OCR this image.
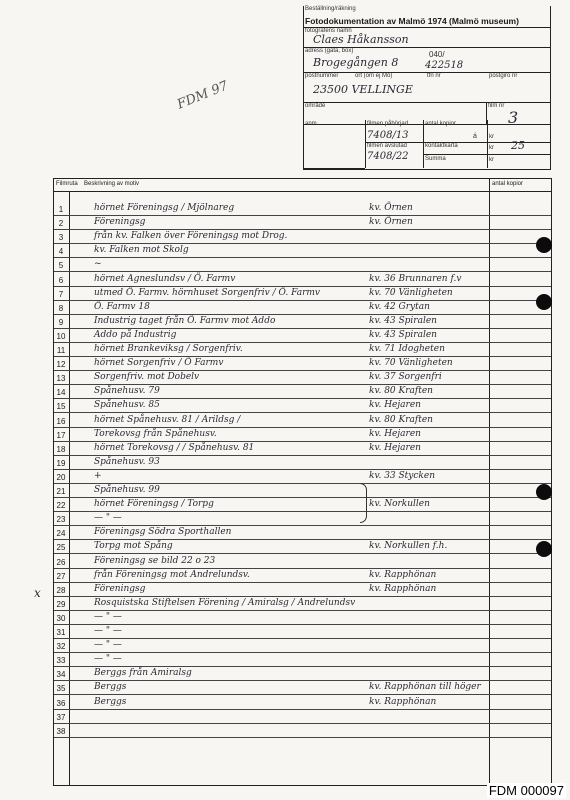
Beställning/räkning
Fotodokumentation av Malmö 1974 (Malmö museum)
fotografens namn
Claes Håkansson
adress (gata, box)
Brogegången 8
040/
422518
postnummer	ort (om ej Mö)	tfn nr	postgiro nr
23500 VELLINGE
område	film nr
3
anm.	filmen påbörjad
7408/13
filmen avslutad
7408/22
antal kopior
á kr
kontaktkarta	kr 25
Summa	kr
FDM 97
Filmruta Beskrivning av motiv	antal kopior
1	hörnet Föreningsg / Mjölnareg	kv. Örnen
2	Föreningsg	kv. Örnen
3	från kv. Falken över Föreningsg mot Drog.
4	kv. Falken mot Skolg
5	~
6	hörnet Agneslundsv / Ö. Farmv	kv. 36 Brunnaren f.v
7	utmed Ö. Farmv. hörnhuset Sorgenfriv / Ö. Farmv	kv. 70 Vänligheten
8	Ö. Farmv 18	kv. 42 Grytan
9	Industrig taget från Ö. Farmv mot Addo	kv. 43 Spiralen
10	Addo på Industrig	kv. 43 Spiralen
11	hörnet Brankeviksg / Sorgenfriv.	kv. 71 Idogheten
12	hörnet Sorgenfriv / Ö Farmv	kv. 70 Vänligheten
13	Sorgenfriv. mot Dobelv	kv. 37 Sorgenfri
14	Spånehusv. 79	kv. 80 Kraften
15	Spånehusv. 85	kv. Hejaren
16	hörnet Spånehusv. 81 / Arildsg /	kv. 80 Kraften
17	Torekovsg från Spånehusv.	kv. Hejaren
18	hörnet Torekovsg / / Spånehusv. 81	kv. Hejaren
19	Spånehusv. 93
20	+	kv. 33 Stycken
21	Spånehusv. 99
22	hörnet Föreningsg / Torpg	kv. Norkullen
23	— " —
24	Föreningsg Södra Sporthallen
25	Torpg mot Spång	kv. Norkullen f.h.
26	Föreningsg se bild 22 o 23
27	från Föreningsg mot Andrelundsv.	kv. Rapphönan
28	Föreningsg	kv. Rapphönan
29	Rosquistska Stiftelsen Förening / Amiralsg / Andrelundsv
30	— " —
31	— " —
32	— " —
33	— " —
34	Berggs från Amiralsg
35	Berggs	kv. Rapphönan till höger
36	Berggs	kv. Rapphönan
37
38
x
FDM 000097
